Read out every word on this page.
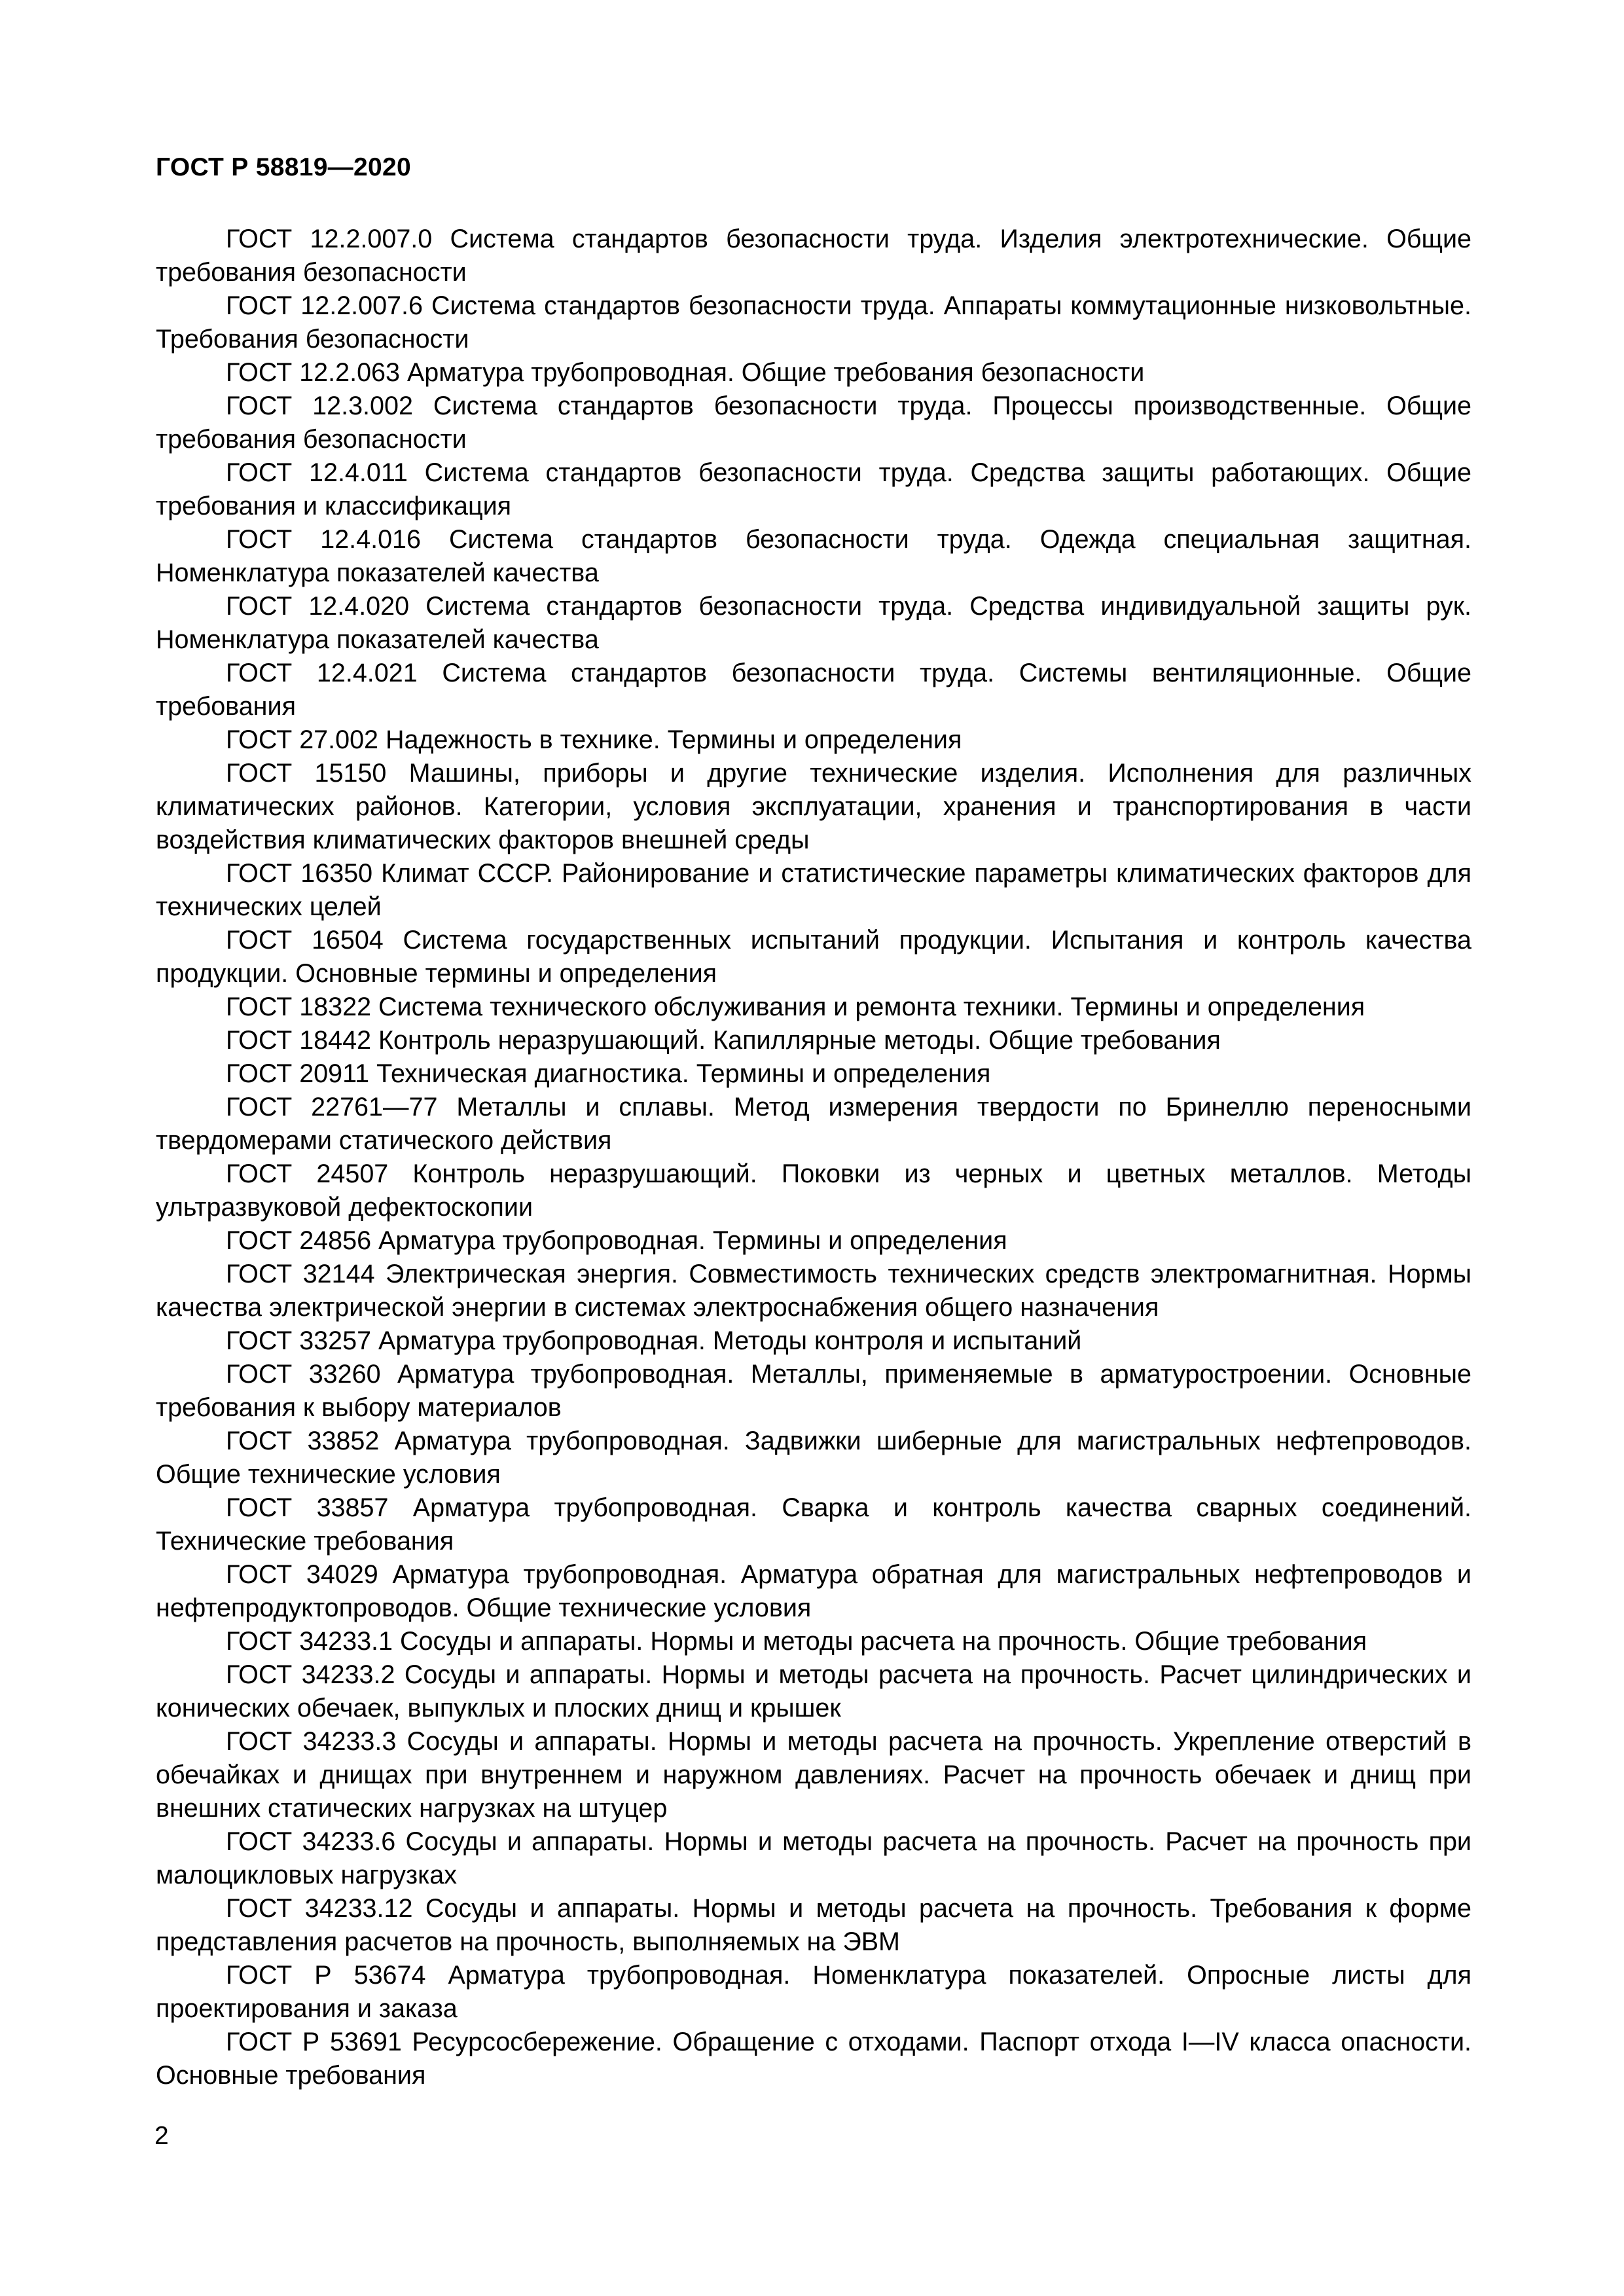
ГОСТ Р 58819—2020
ГОСТ 12.2.007.0 Система стандартов безопасности труда. Изделия электротехнические. Общие требования безопасности
ГОСТ 12.2.007.6 Система стандартов безопасности труда. Аппараты коммутационные низковольтные. Требования безопасности
ГОСТ 12.2.063 Арматура трубопроводная. Общие требования безопасности
ГОСТ 12.3.002 Система стандартов безопасности труда. Процессы производственные. Общие требования безопасности
ГОСТ 12.4.011 Система стандартов безопасности труда. Средства защиты работающих. Общие требования и классификация
ГОСТ 12.4.016 Система стандартов безопасности труда. Одежда специальная защитная. Номенклатура показателей качества
ГОСТ 12.4.020 Система стандартов безопасности труда. Средства индивидуальной защиты рук. Номенклатура показателей качества
ГОСТ 12.4.021 Система стандартов безопасности труда. Системы вентиляционные. Общие требования
ГОСТ 27.002 Надежность в технике. Термины и определения
ГОСТ 15150 Машины, приборы и другие технические изделия. Исполнения для различных климатических районов. Категории, условия эксплуатации, хранения и транспортирования в части воздействия климатических факторов внешней среды
ГОСТ 16350 Климат СССР. Районирование и статистические параметры климатических факторов для технических целей
ГОСТ 16504 Система государственных испытаний продукции. Испытания и контроль качества продукции. Основные термины и определения
ГОСТ 18322 Система технического обслуживания и ремонта техники. Термины и определения
ГОСТ 18442 Контроль неразрушающий. Капиллярные методы. Общие требования
ГОСТ 20911 Техническая диагностика. Термины и определения
ГОСТ 22761—77 Металлы и сплавы. Метод измерения твердости по Бринеллю переносными твердомерами статического действия
ГОСТ 24507 Контроль неразрушающий. Поковки из черных и цветных металлов. Методы ультразвуковой дефектоскопии
ГОСТ 24856 Арматура трубопроводная. Термины и определения
ГОСТ 32144 Электрическая энергия. Совместимость технических средств электромагнитная. Нормы качества электрической энергии в системах электроснабжения общего назначения
ГОСТ 33257 Арматура трубопроводная. Методы контроля и испытаний
ГОСТ 33260 Арматура трубопроводная. Металлы, применяемые в арматуростроении. Основные требования к выбору материалов
ГОСТ 33852 Арматура трубопроводная. Задвижки шиберные для магистральных нефтепроводов. Общие технические условия
ГОСТ 33857 Арматура трубопроводная. Сварка и контроль качества сварных соединений. Технические требования
ГОСТ 34029 Арматура трубопроводная. Арматура обратная для магистральных нефтепроводов и нефтепродуктопроводов. Общие технические условия
ГОСТ 34233.1 Сосуды и аппараты. Нормы и методы расчета на прочность. Общие требования
ГОСТ 34233.2 Сосуды и аппараты. Нормы и методы расчета на прочность. Расчет цилиндрических и конических обечаек, выпуклых и плоских днищ и крышек
ГОСТ 34233.3 Сосуды и аппараты. Нормы и методы расчета на прочность. Укрепление отверстий в обечайках и днищах при внутреннем и наружном давлениях. Расчет на прочность обечаек и днищ при внешних статических нагрузках на штуцер
ГОСТ 34233.6 Сосуды и аппараты. Нормы и методы расчета на прочность. Расчет на прочность при малоцикловых нагрузках
ГОСТ 34233.12 Сосуды и аппараты. Нормы и методы расчета на прочность. Требования к форме представления расчетов на прочность, выполняемых на ЭВМ
ГОСТ Р 53674 Арматура трубопроводная. Номенклатура показателей. Опросные листы для проектирования и заказа
ГОСТ Р 53691 Ресурсосбережение. Обращение с отходами. Паспорт отхода I—IV класса опасности. Основные требования
2
